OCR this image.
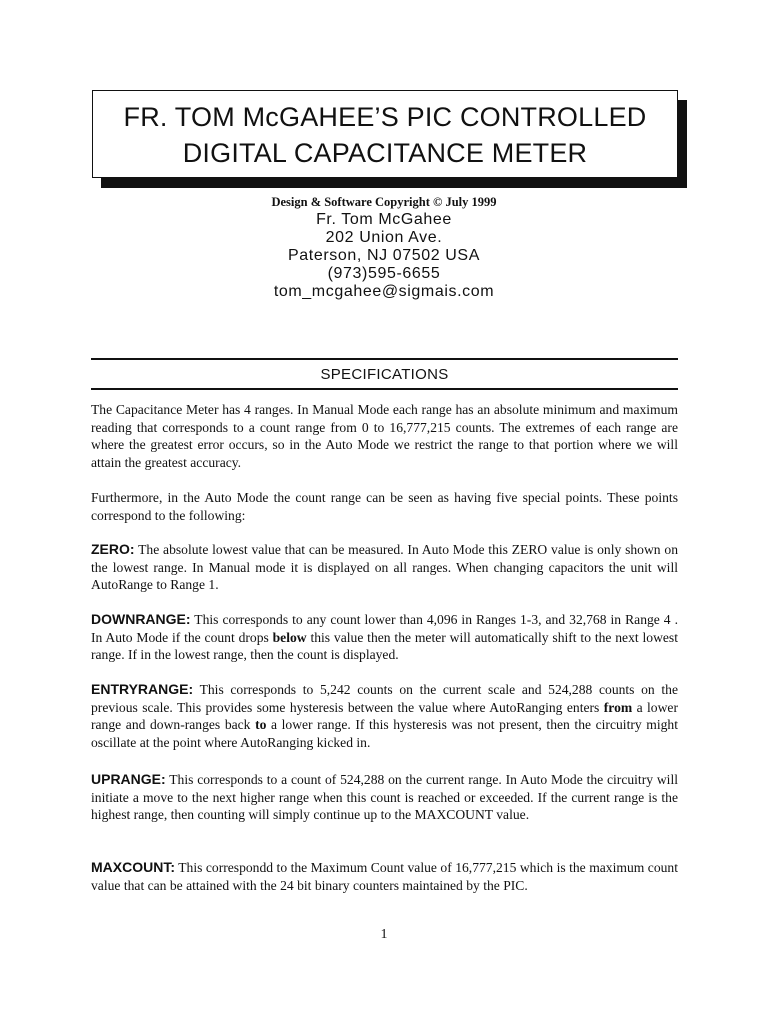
FR. TOM McGAHEE’S PIC CONTROLLED
DIGITAL CAPACITANCE METER
Design & Software Copyright © July 1999
Fr. Tom McGahee
202 Union Ave.
Paterson, NJ 07502 USA
(973)595-6655
tom_mcgahee@sigmais.com
SPECIFICATIONS
The Capacitance Meter has 4 ranges. In Manual Mode each range has an absolute minimum and maximum reading that corresponds to a count range from 0 to 16,777,215 counts. The extremes of each range are where the greatest error occurs, so in the Auto Mode we restrict the range to that portion where we will attain the greatest accuracy.
Furthermore, in the Auto Mode the count range can be seen as having five special points. These points correspond to the following:
ZERO: The absolute lowest value that can be measured. In Auto Mode this ZERO value is only shown on the lowest range. In Manual mode it is displayed on all ranges. When changing capacitors the unit will AutoRange to Range 1.
DOWNRANGE: This corresponds to any count lower than 4,096 in Ranges 1-3, and 32,768 in Range 4 . In Auto Mode if the count drops below this value then the meter will automatically shift to the next lowest range. If in the lowest range, then the count is displayed.
ENTRYRANGE: This corresponds to 5,242 counts on the current scale and 524,288 counts on the previous scale. This provides some hysteresis between the value where AutoRanging enters from a lower range and down-ranges back to a lower range. If this hysteresis was not present, then the circuitry might oscillate at the point where AutoRanging kicked in.
UPRANGE: This corresponds to a count of 524,288 on the current range. In Auto Mode the circuitry will initiate a move to the next higher range when this count is reached or exceeded. If the current range is the highest range, then counting will simply continue up to the MAXCOUNT value.
MAXCOUNT: This correspondd to the Maximum Count value of 16,777,215 which is the maximum count value that can be attained with the 24 bit binary counters maintained by the PIC.
1
